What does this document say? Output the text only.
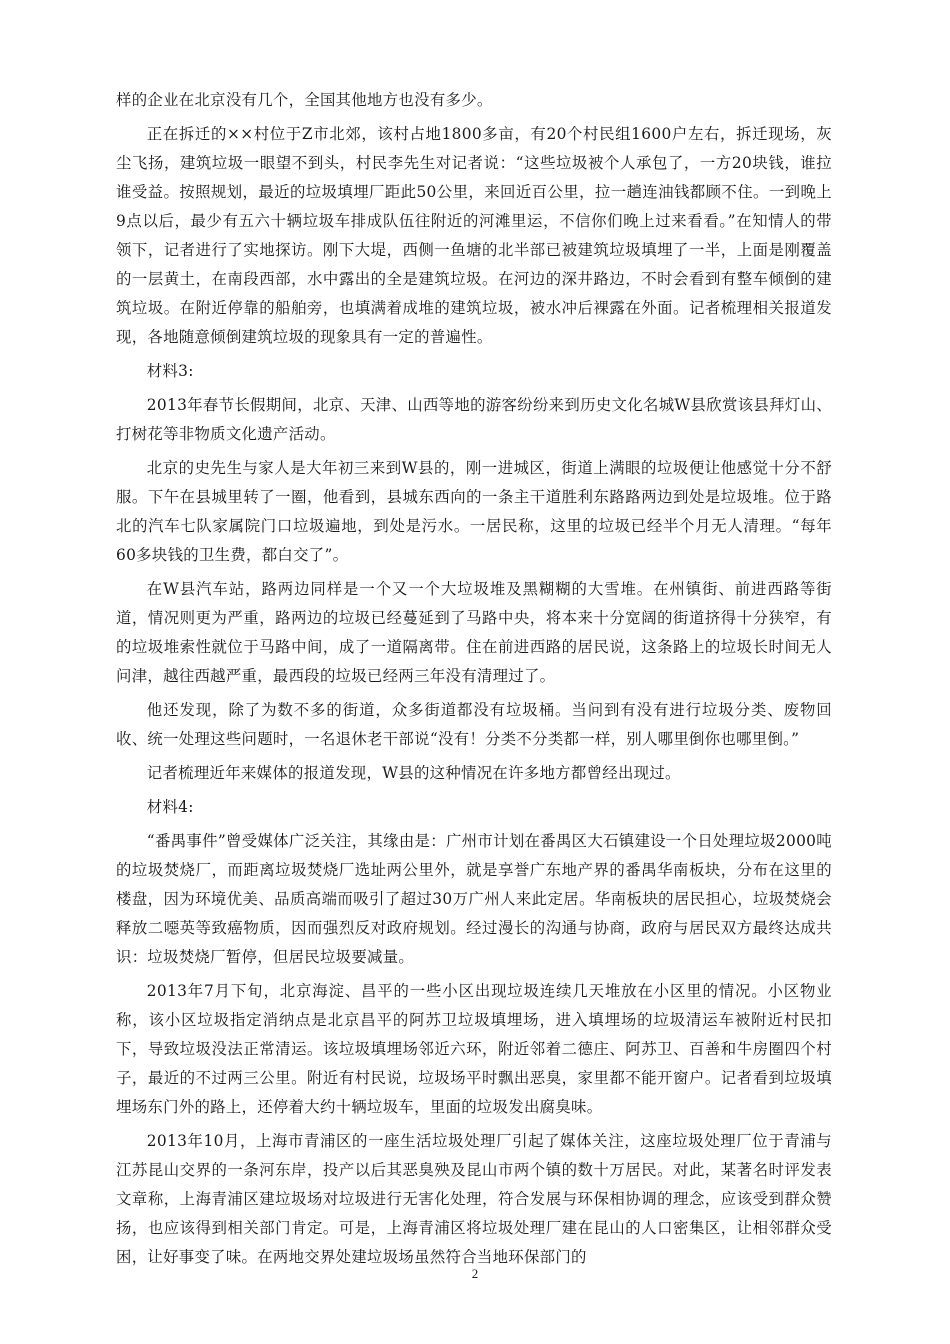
样的企业在北京没有几个，全国其他地方也没有多少。

正在拆迁的××村位于Z市北郊，该村占地1800多亩，有20个村民组1600户左右，拆迁现场，灰尘飞扬，建筑垃圾一眼望不到头，村民李先生对记者说：“这些垃圾被个人承包了，一方20块钱，谁拉谁受益。按照规划，最近的垃圾填埋厂距此50公里，来回近百公里，拉一趟连油钱都顾不住。一到晚上9点以后，最少有五六十辆垃圾车排成队伍往附近的河滩里运，不信你们晚上过来看看。”在知情人的带领下，记者进行了实地探访。刚下大堤，西侧一鱼塘的北半部已被建筑垃圾填埋了一半，上面是刚覆盖的一层黄土，在南段西部，水中露出的全是建筑垃圾。在河边的深井路边，不时会看到有整车倾倒的建筑垃圾。在附近停靠的船舶旁，也填满着成堆的建筑垃圾，被水冲后裸露在外面。记者梳理相关报道发现，各地随意倾倒建筑垃圾的现象具有一定的普遍性。

材料3:

2013年春节长假期间，北京、天津、山西等地的游客纷纷来到历史文化名城W县欣赏该县拜灯山、打树花等非物质文化遗产活动。

北京的史先生与家人是大年初三来到W县的，刚一进城区，街道上满眼的垃圾便让他感觉十分不舒服。下午在县城里转了一圈，他看到，县城东西向的一条主干道胜利东路路两边到处是垃圾堆。位于路北的汽车七队家属院门口垃圾遍地，到处是污水。一居民称，这里的垃圾已经半个月无人清理。“每年60多块钱的卫生费，都白交了”。

在W县汽车站，路两边同样是一个又一个大垃圾堆及黑糊糊的大雪堆。在州镇街、前进西路等街道，情况则更为严重，路两边的垃圾已经蔓延到了马路中央，将本来十分宽阔的街道挤得十分狭窄，有的垃圾堆索性就位于马路中间，成了一道隔离带。住在前进西路的居民说，这条路上的垃圾长时间无人问津，越往西越严重，最西段的垃圾已经两三年没有清理过了。

他还发现，除了为数不多的街道，众多街道都没有垃圾桶。当问到有没有进行垃圾分类、废物回收、统一处理这些问题时，一名退休老干部说“没有！分类不分类都一样，别人哪里倒你也哪里倒。”

记者梳理近年来媒体的报道发现，W县的这种情况在许多地方都曾经出现过。

材料4:

“番禺事件”曾受媒体广泛关注，其缘由是：广州市计划在番禺区大石镇建设一个日处理垃圾2000吨的垃圾焚烧厂，而距离垃圾焚烧厂选址两公里外，就是享誉广东地产界的番禺华南板块，分布在这里的楼盘，因为环境优美、品质高端而吸引了超过30万广州人来此定居。华南板块的居民担心，垃圾焚烧会释放二噁英等致癌物质，因而强烈反对政府规划。经过漫长的沟通与协商，政府与居民双方最终达成共识：垃圾焚烧厂暂停，但居民垃圾要减量。

2013年7月下旬，北京海淀、昌平的一些小区出现垃圾连续几天堆放在小区里的情况。小区物业称，该小区垃圾指定消纳点是北京昌平的阿苏卫垃圾填埋场，进入填埋场的垃圾清运车被附近村民扣下，导致垃圾没法正常清运。该垃圾填埋场邻近六环，附近邻着二德庄、阿苏卫、百善和牛房圈四个村子，最近的不过两三公里。附近有村民说，垃圾场平时飘出恶臭，家里都不能开窗户。记者看到垃圾填埋场东门外的路上，还停着大约十辆垃圾车，里面的垃圾发出腐臭味。

2013年10月，上海市青浦区的一座生活垃圾处理厂引起了媒体关注，这座垃圾处理厂位于青浦与江苏昆山交界的一条河东岸，投产以后其恶臭殃及昆山市两个镇的数十万居民。对此，某著名时评发表文章称，上海青浦区建垃圾场对垃圾进行无害化处理，符合发展与环保相协调的理念，应该受到群众赞扬，也应该得到相关部门肯定。可是，上海青浦区将垃圾处理厂建在昆山的人口密集区，让相邻群众受困，让好事变了味。在两地交界处建垃圾场虽然符合当地环保部门的

2
